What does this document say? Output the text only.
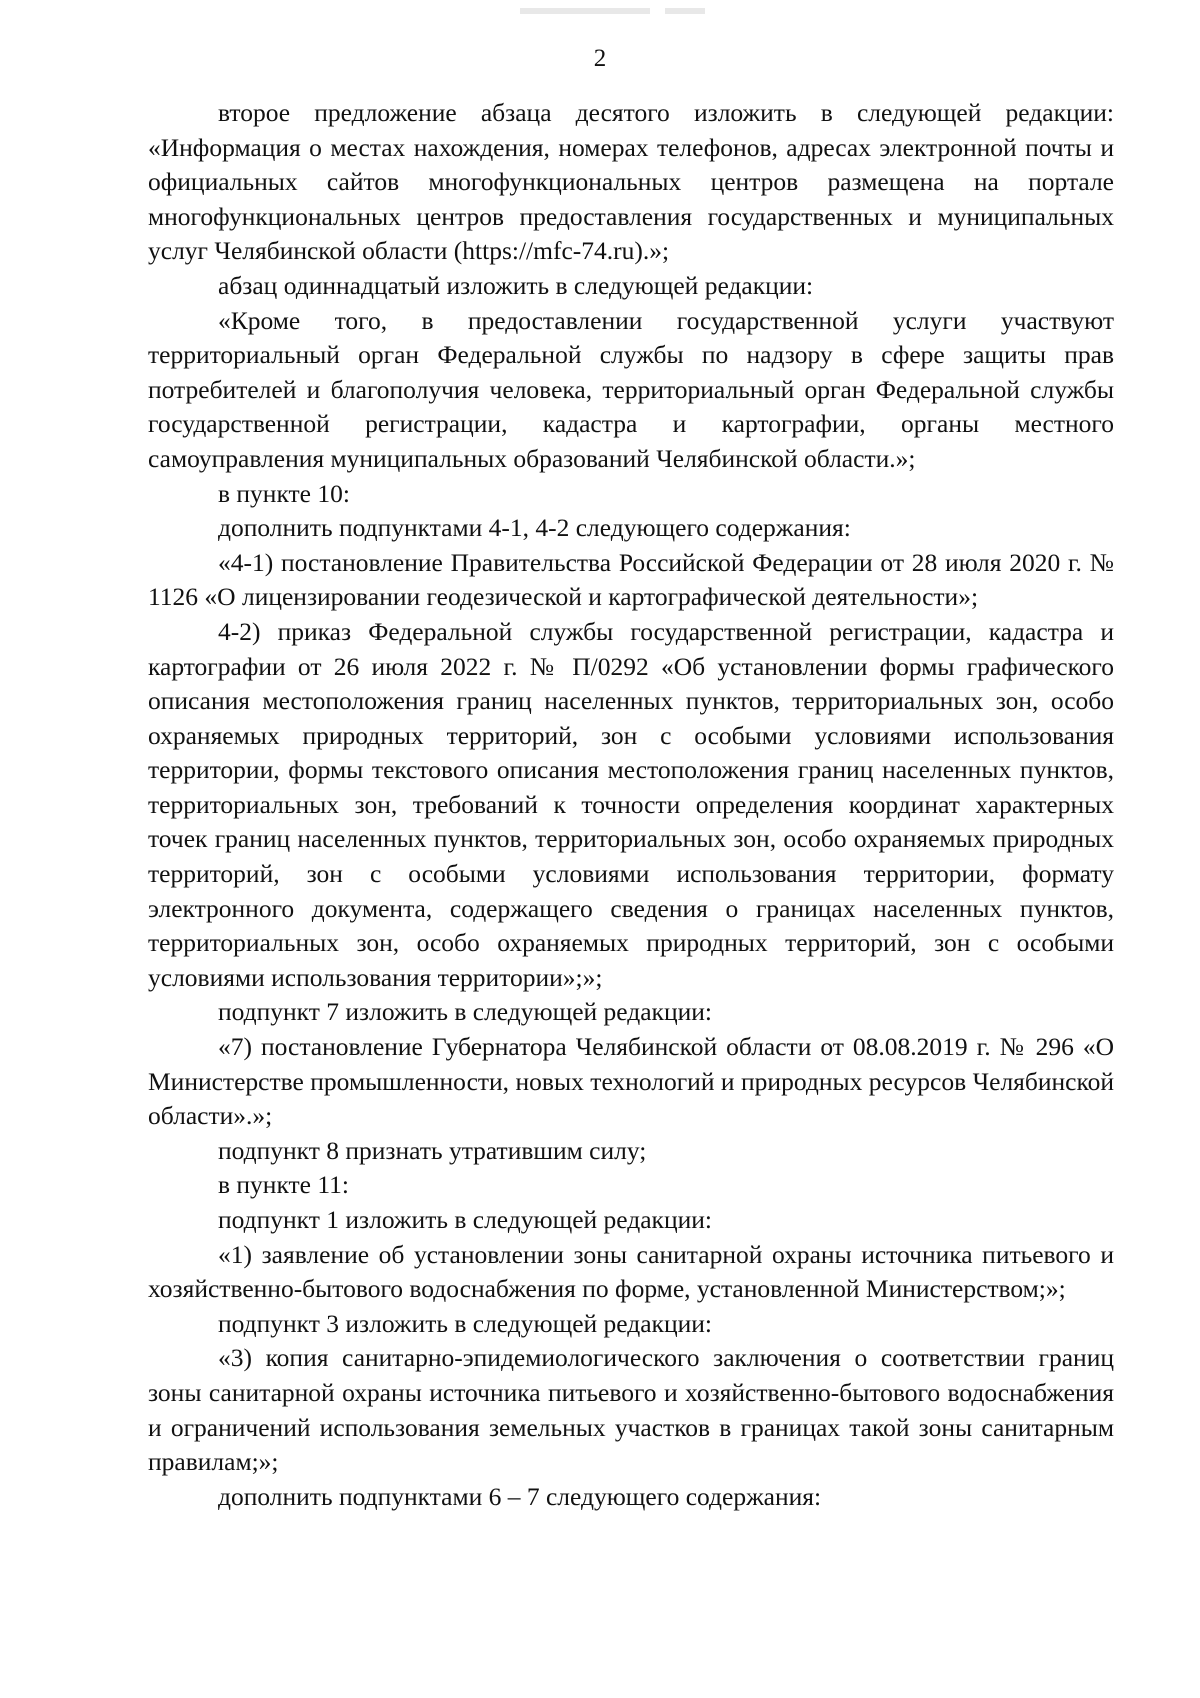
2

второе предложение абзаца десятого изложить в следующей редакции: «Информация о местах нахождения, номерах телефонов, адресах электронной почты и официальных сайтов многофункциональных центров размещена на портале многофункциональных центров предоставления государственных и муниципальных услуг Челябинской области (https://mfc-74.ru).»;

абзац одиннадцатый изложить в следующей редакции:

«Кроме того, в предоставлении государственной услуги участвуют территориальный орган Федеральной службы по надзору в сфере защиты прав потребителей и благополучия человека, территориальный орган Федеральной службы государственной регистрации, кадастра и картографии, органы местного самоуправления муниципальных образований Челябинской области.»;

в пункте 10:

дополнить подпунктами 4-1, 4-2 следующего содержания:

«4-1) постановление Правительства Российской Федерации от 28 июля 2020 г. № 1126 «О лицензировании геодезической и картографической деятельности»;

4-2) приказ Федеральной службы государственной регистрации, кадастра и картографии от 26 июля 2022 г. № П/0292 «Об установлении формы графического описания местоположения границ населенных пунктов, территориальных зон, особо охраняемых природных территорий, зон с особыми условиями использования территории, формы текстового описания местоположения границ населенных пунктов, территориальных зон, требований к точности определения координат характерных точек границ населенных пунктов, территориальных зон, особо охраняемых природных территорий, зон с особыми условиями использования территории, формату электронного документа, содержащего сведения о границах населенных пунктов, территориальных зон, особо охраняемых природных территорий, зон с особыми условиями использования территории»;»;

подпункт 7 изложить в следующей редакции:

«7) постановление Губернатора Челябинской области от 08.08.2019 г. № 296 «О Министерстве промышленности, новых технологий и природных ресурсов Челябинской области».»;

подпункт 8 признать утратившим силу;

в пункте 11:

подпункт 1 изложить в следующей редакции:

«1) заявление об установлении зоны санитарной охраны источника питьевого и хозяйственно-бытового водоснабжения по форме, установленной Министерством;»;

подпункт 3 изложить в следующей редакции:

«3) копия санитарно-эпидемиологического заключения о соответствии границ зоны санитарной охраны источника питьевого и хозяйственно-бытового водоснабжения и ограничений использования земельных участков в границах такой зоны санитарным правилам;»;

дополнить подпунктами 6 – 7 следующего содержания:
